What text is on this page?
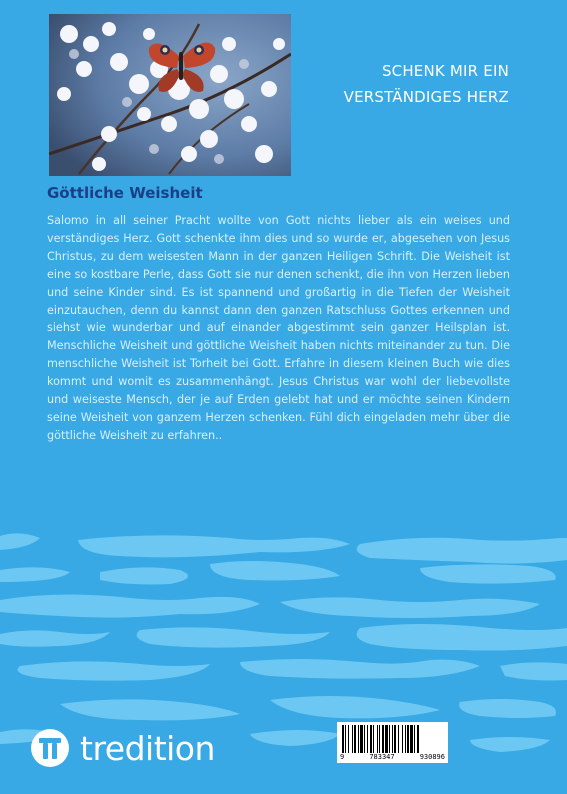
SCHENK MIR EIN
VERSTÄNDIGES HERZ
Göttliche Weisheit
Salomo in all seiner Pracht wollte von Gott nichts lieber als ein weises und verständiges Herz. Gott schenkte ihm dies und so wurde er, abgesehen von Jesus Christus, zu dem weisesten Mann in der ganzen Heiligen Schrift. Die Weisheit ist eine so kostbare Perle, dass Gott sie nur denen schenkt, die ihn von Herzen lieben und seine Kinder sind. Es ist spannend und großartig in die Tiefen der Weisheit einzutauchen, denn du kannst dann den ganzen Ratschluss Gottes erkennen und siehst wie wunderbar und auf einander abgestimmt sein ganzer Heilsplan ist. Menschliche Weisheit und göttliche Weisheit haben nichts miteinander zu tun. Die menschliche Weisheit ist Torheit bei Gott. Erfahre in diesem kleinen Buch wie dies kommt und womit es zusammenhängt. Jesus Christus war wohl der liebevollste und weiseste Mensch, der je auf Erden gelebt hat und er möchte seinen Kindern seine Weisheit von ganzem Herzen schenken. Fühl dich eingeladen mehr über die göttliche Weisheit zu erfahren..
tredition	9	783347	930896
